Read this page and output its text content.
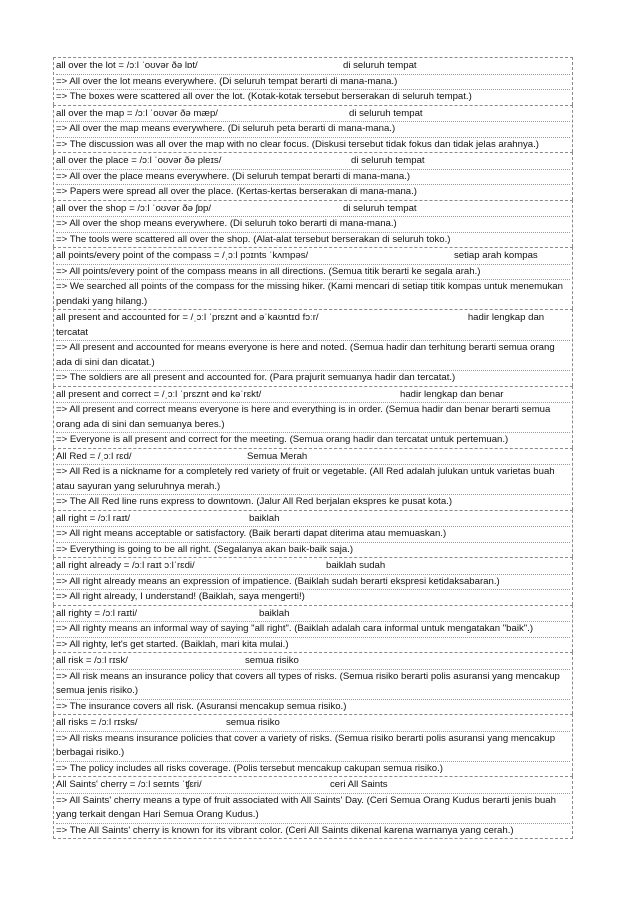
all over the lot = /ɔːl ˈoʊvər ðə lɒt/	di seluruh tempat
=> All over the lot means everywhere. (Di seluruh tempat berarti di mana-mana.)
=> The boxes were scattered all over the lot. (Kotak-kotak tersebut berserakan di seluruh tempat.)
all over the map = /ɔːl ˈoʊvər ðə mæp/	di seluruh tempat
=> All over the map means everywhere. (Di seluruh peta berarti di mana-mana.)
=> The discussion was all over the map with no clear focus. (Diskusi tersebut tidak fokus dan tidak jelas arahnya.)
all over the place = /ɔːl ˈoʊvər ðə pleɪs/	di seluruh tempat
=> All over the place means everywhere. (Di seluruh tempat berarti di mana-mana.)
=> Papers were spread all over the place. (Kertas-kertas berserakan di mana-mana.)
all over the shop = /ɔːl ˈoʊvər ðə ʃɒp/	di seluruh tempat
=> All over the shop means everywhere. (Di seluruh toko berarti di mana-mana.)
=> The tools were scattered all over the shop. (Alat-alat tersebut berserakan di seluruh toko.)
all points/every point of the compass = /ˌɔːl pɔɪnts ˈkʌmpəs/	setiap arah kompas
=> All points/every point of the compass means in all directions. (Semua titik berarti ke segala arah.)
=> We searched all points of the compass for the missing hiker. (Kami mencari di setiap titik kompas untuk menemukan pendaki yang hilang.)
all present and accounted for = /ˌɔːl ˈprɛznt ənd əˈkaʊntɪd fɔːr/	hadir lengkap dan tercatat
=> All present and accounted for means everyone is here and noted. (Semua hadir dan terhitung berarti semua orang ada di sini dan dicatat.)
=> The soldiers are all present and accounted for. (Para prajurit semuanya hadir dan tercatat.)
all present and correct = /ˌɔːl ˈprɛznt ənd kəˈrɛkt/	hadir lengkap dan benar
=> All present and correct means everyone is here and everything is in order. (Semua hadir dan benar berarti semua orang ada di sini dan semuanya beres.)
=> Everyone is all present and correct for the meeting. (Semua orang hadir dan tercatat untuk pertemuan.)
All Red = /ˌɔːl rɛd/	Semua Merah
=> All Red is a nickname for a completely red variety of fruit or vegetable. (All Red adalah julukan untuk varietas buah atau sayuran yang seluruhnya merah.)
=> The All Red line runs express to downtown. (Jalur All Red berjalan ekspres ke pusat kota.)
all right = /ɔːl raɪt/	baiklah
=> All right means acceptable or satisfactory. (Baik berarti dapat diterima atau memuaskan.)
=> Everything is going to be all right. (Segalanya akan baik-baik saja.)
all right already = /ɔːl raɪt ɔːlˈrɛdi/	baiklah sudah
=> All right already means an expression of impatience. (Baiklah sudah berarti ekspresi ketidaksabaran.)
=> All right already, I understand! (Baiklah, saya mengerti!)
all righty = /ɔːl raɪti/	baiklah
=> All righty means an informal way of saying "all right". (Baiklah adalah cara informal untuk mengatakan "baik".)
=> All righty, let's get started. (Baiklah, mari kita mulai.)
all risk = /ɔːl rɪsk/	semua risiko
=> All risk means an insurance policy that covers all types of risks. (Semua risiko berarti polis asuransi yang mencakup semua jenis risiko.)
=> The insurance covers all risk. (Asuransi mencakup semua risiko.)
all risks = /ɔːl rɪsks/	semua risiko
=> All risks means insurance policies that cover a variety of risks. (Semua risiko berarti polis asuransi yang mencakup berbagai risiko.)
=> The policy includes all risks coverage. (Polis tersebut mencakup cakupan semua risiko.)
All Saints' cherry = /ɔːl seɪnts ˈʧɛri/	ceri All Saints
=> All Saints' cherry means a type of fruit associated with All Saints' Day. (Ceri Semua Orang Kudus berarti jenis buah yang terkait dengan Hari Semua Orang Kudus.)
=> The All Saints' cherry is known for its vibrant color. (Ceri All Saints dikenal karena warnanya yang cerah.)
